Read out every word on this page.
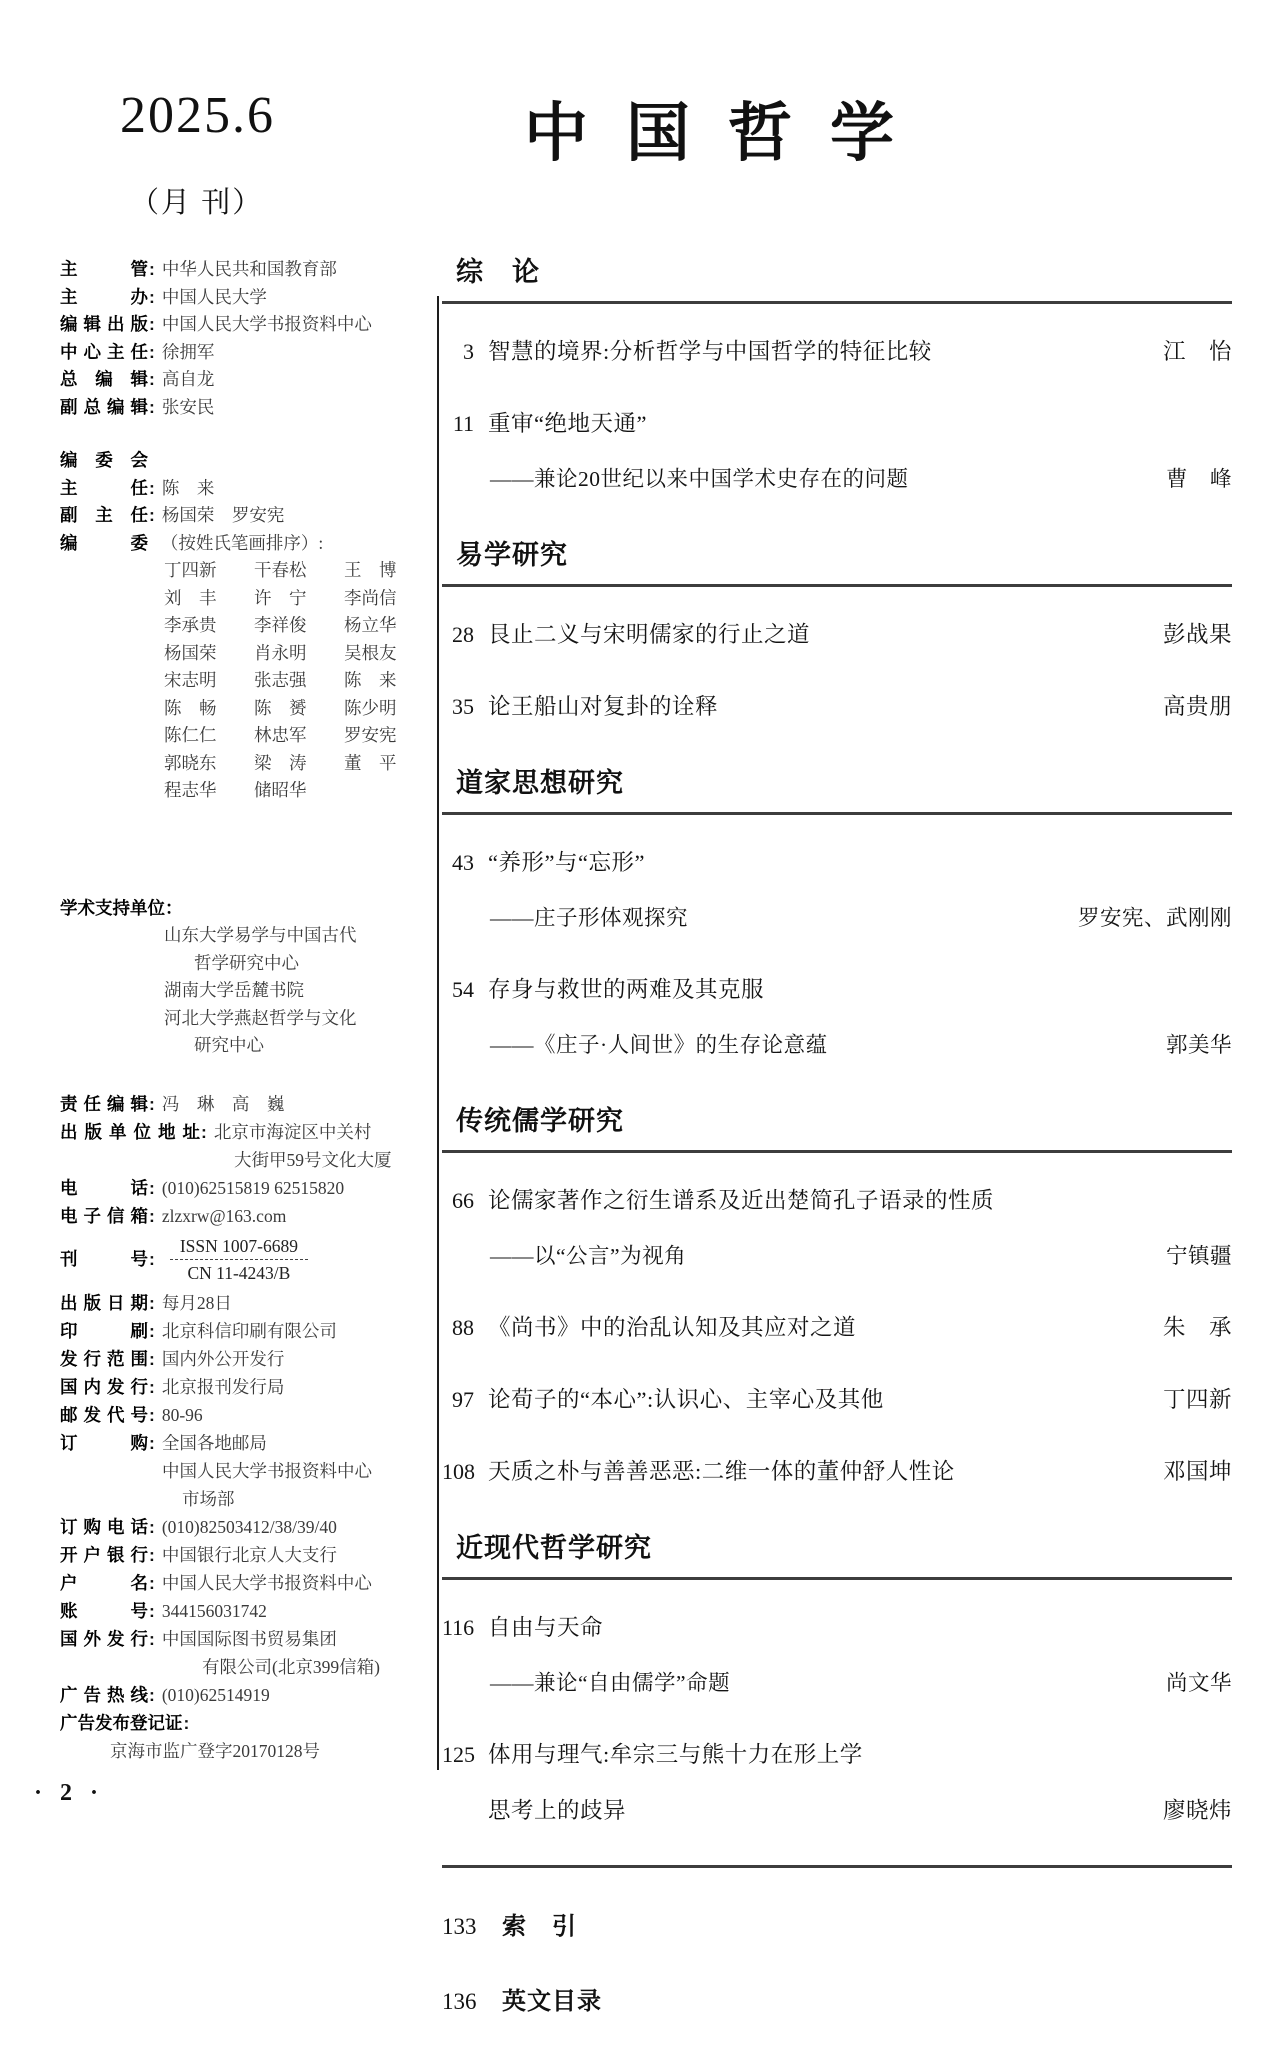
2025.6
（月 刊）
中国哲学
主管: 中华人民共和国教育部
主办: 中国人民大学
编辑出版: 中国人民大学书报资料中心
中心主任: 徐拥军
总编辑: 高自龙
副总编辑: 张安民
编委会
主任: 陈　来
副主任: 杨国荣　罗安宪
编委 （按姓氏笔画排序）:
丁四新 干春松 王　博
刘　丰 许　宁 李尚信
李承贵 李祥俊 杨立华
杨国荣 肖永明 吴根友
宋志明 张志强 陈　来
陈　畅 陈　赟 陈少明
陈仁仁 林忠军 罗安宪
郭晓东 梁　涛 董　平
程志华 储昭华
学术支持单位：
山东大学易学与中国古代
哲学研究中心
湖南大学岳麓书院
河北大学燕赵哲学与文化
研究中心
责任编辑: 冯　琳　高　巍
出版单位地址: 北京市海淀区中关村
大街甲59号文化大厦
电话: (010)62515819 62515820
电子信箱: zlzxrw@163.com
刊号 :
ISSN 1007-6689
CN 11-4243/B
出版日期: 每月28日
印刷: 北京科信印刷有限公司
发行范围: 国内外公开发行
国内发行: 北京报刊发行局
邮发代号: 80-96
订购: 全国各地邮局
中国人民大学书报资料中心
市场部
订购电话: (010)82503412/38/39/40
开户银行: 中国银行北京人大支行
户名: 中国人民大学书报资料中心
账号: 344156031742
国外发行: 中国国际图书贸易集团
有限公司(北京399信箱)
广告热线: (010)62514919
广告发布登记证:
京海市监广登字20170128号
综　论
3 智慧的境界:分析哲学与中国哲学的特征比较	江　怡
11 重审“绝地天通”
——兼论20世纪以来中国学术史存在的问题	曹　峰
易学研究
28 艮止二义与宋明儒家的行止之道	彭战果
35 论王船山对复卦的诠释	高贵朋
道家思想研究
43 “养形”与“忘形”
——庄子形体观探究	罗安宪、武刚刚
54 存身与救世的两难及其克服
——《庄子·人间世》的生存论意蕴	郭美华
传统儒学研究
66 论儒家著作之衍生谱系及近出楚简孔子语录的性质
——以“公言”为视角	宁镇疆
88 《尚书》中的治乱认知及其应对之道	朱　承
97 论荀子的“本心”:认识心、主宰心及其他	丁四新
108 天质之朴与善善恶恶:二维一体的董仲舒人性论	邓国坤
近现代哲学研究
116 自由与天命
——兼论“自由儒学”命题	尚文华
125 体用与理气:牟宗三与熊十力在形上学
思考上的歧异	廖晓炜
133 索　引
136 英文目录
· 2 ·
